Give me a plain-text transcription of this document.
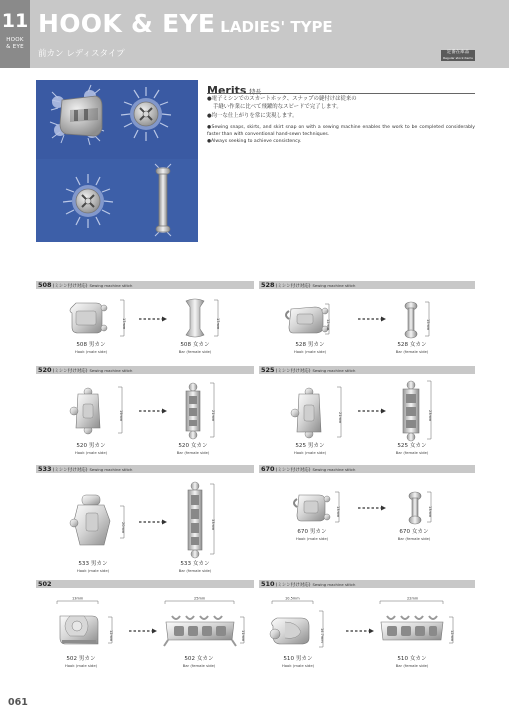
11
HOOK
& EYE
HOOK & EYE LADIES' TYPE
前カン レディスタイプ	定番在庫品
Regular stock items
Merits 特長
●電子ミシンでのスカートホック、スナップの縫付けは従来の
手縫い作業に比べて飛躍的なスピードで完了します。
●均一な仕上がりを常に実現します。
●Sewing snaps, skirts, and skirt snap on with a sewing machine enables the work to be completed considerably faster than with conventional hand-sewn techniques.
●Always seeking to achieve consistency.
508(ミシン付け対応) Sewing machine stitch
17mm	17mm
508 男カン
Hook (male side)
508 女カン
Bar (female side)
528(ミシン付け対応) Sewing machine stitch
12mm	15mm
528 男カン
Hook (male side)
528 女カン
Bar (female side)
520(ミシン付け対応) Sewing machine stitch
19mm	21mm
520 男カン
Hook (male side)
520 女カン
Bar (female side)
525(ミシン付け対応) Sewing machine stitch
21mm	23mm
525 男カン
Hook (male side)
525 女カン
Bar (female side)
533(ミシン付け対応) Sewing machine stitch
20mm	33mm
533 男カン
Hook (male side)
533 女カン
Bar (female side)
670(ミシン付け対応) Sewing machine stitch
13mm	13mm
670 男カン
Hook (male side)
670 女カン
Bar (female side)
502
13mm
12mm
25mm
11mm
502 男カン
Hook (male side)
502 女カン
Bar (female side)
510(ミシン付け対応) Sewing machine stitch
10.5mm
14.7mm
22mm
12mm
510 男カン
Hook (male side)
510 女カン
Bar (female side)
061
